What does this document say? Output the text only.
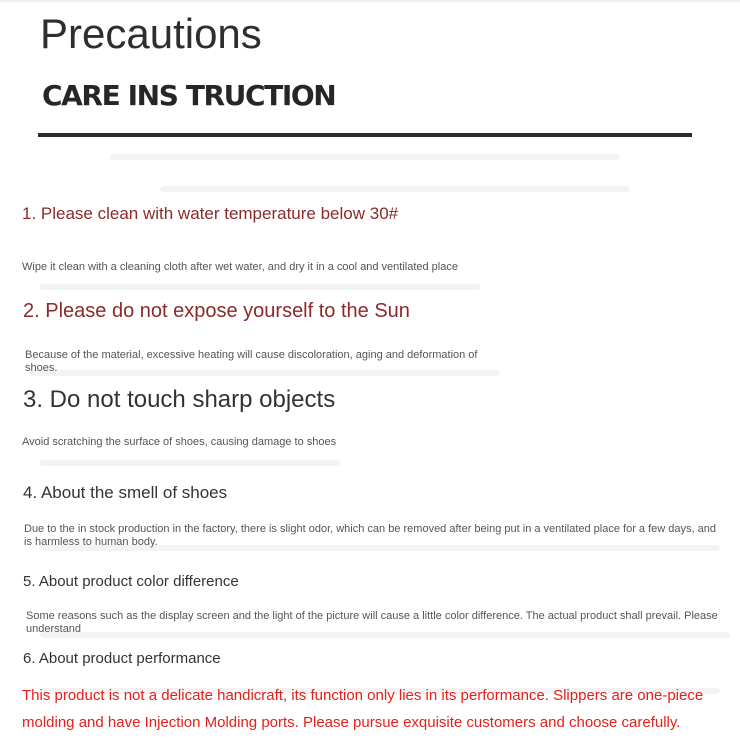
Precautions
CARE INS TRUCTION
1. Please clean with water temperature below 30#
Wipe it clean with a cleaning cloth after wet water, and dry it in a cool and ventilated place
2. Please do not expose yourself to the Sun
Because of the material, excessive heating will cause discoloration, aging and deformation of shoes.
3. Do not touch sharp objects
Avoid scratching the surface of shoes, causing damage to shoes
4. About the smell of shoes
Due to the in stock production in the factory, there is slight odor, which can be removed after being put in a ventilated place for a few days, and is harmless to human body.
5. About product color difference
Some reasons such as the display screen and the light of the picture will cause a little color difference. The actual product shall prevail. Please understand
6. About product performance
This product is not a delicate handicraft, its function only lies in its performance. Slippers are one-piece molding and have Injection Molding ports. Please pursue exquisite customers and choose carefully.
